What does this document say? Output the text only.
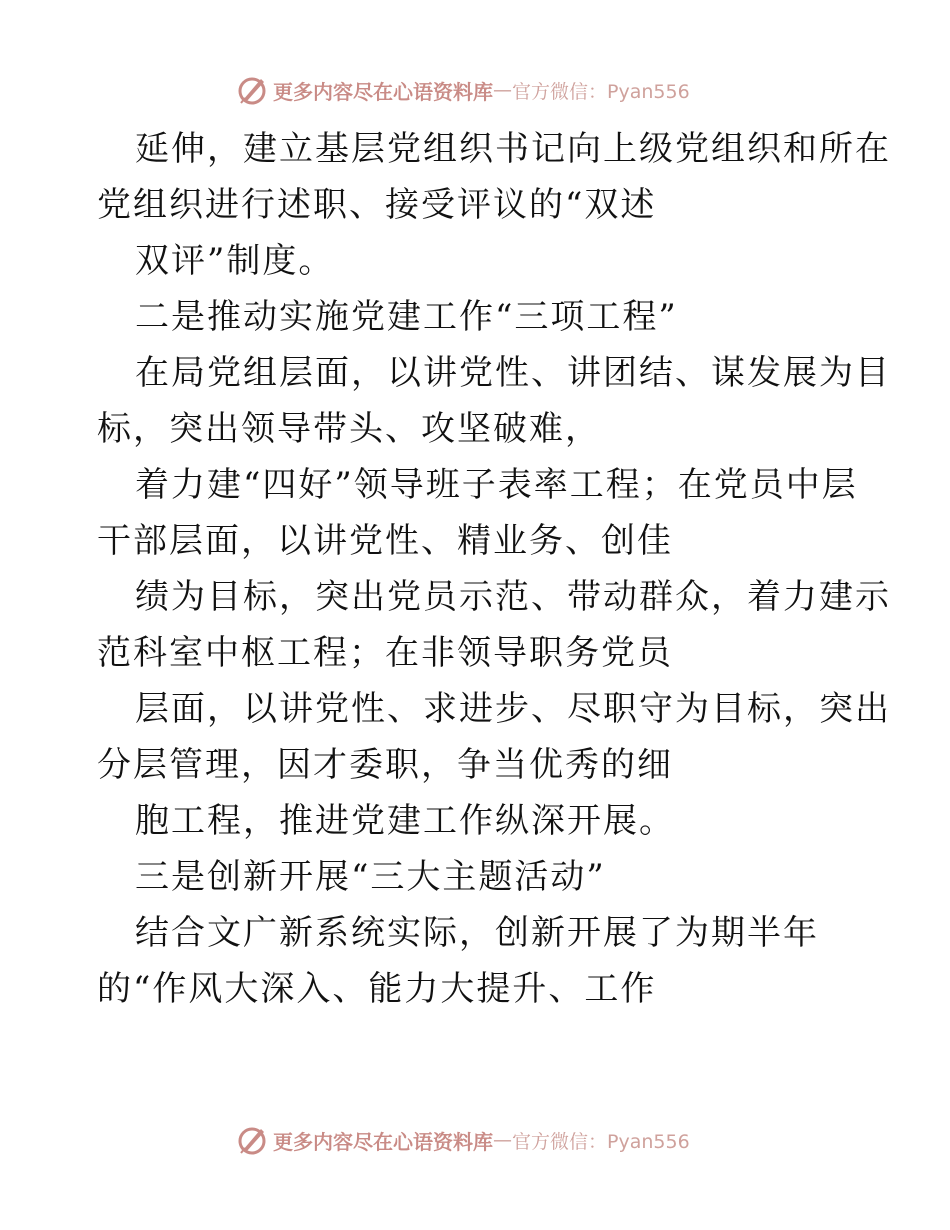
更多内容尽在心语资料库 — 官方微信：Pyan556
延伸，建立基层党组织书记向上级党组织和所在
党组织进行述职、接受评议的“双述
双评”制度。
二是推动实施党建工作“三项工程”
在局党组层面，以讲党性、讲团结、谋发展为目
标，突出领导带头、攻坚破难，
着力建“四好”领导班子表率工程；在党员中层
干部层面，以讲党性、精业务、创佳
绩为目标，突出党员示范、带动群众，着力建示
范科室中枢工程；在非领导职务党员
层面，以讲党性、求进步、尽职守为目标，突出
分层管理，因才委职，争当优秀的细
胞工程，推进党建工作纵深开展。
三是创新开展“三大主题活动”
结合文广新系统实际，创新开展了为期半年
的“作风大深入、能力大提升、工作
更多内容尽在心语资料库 — 官方微信：Pyan556
